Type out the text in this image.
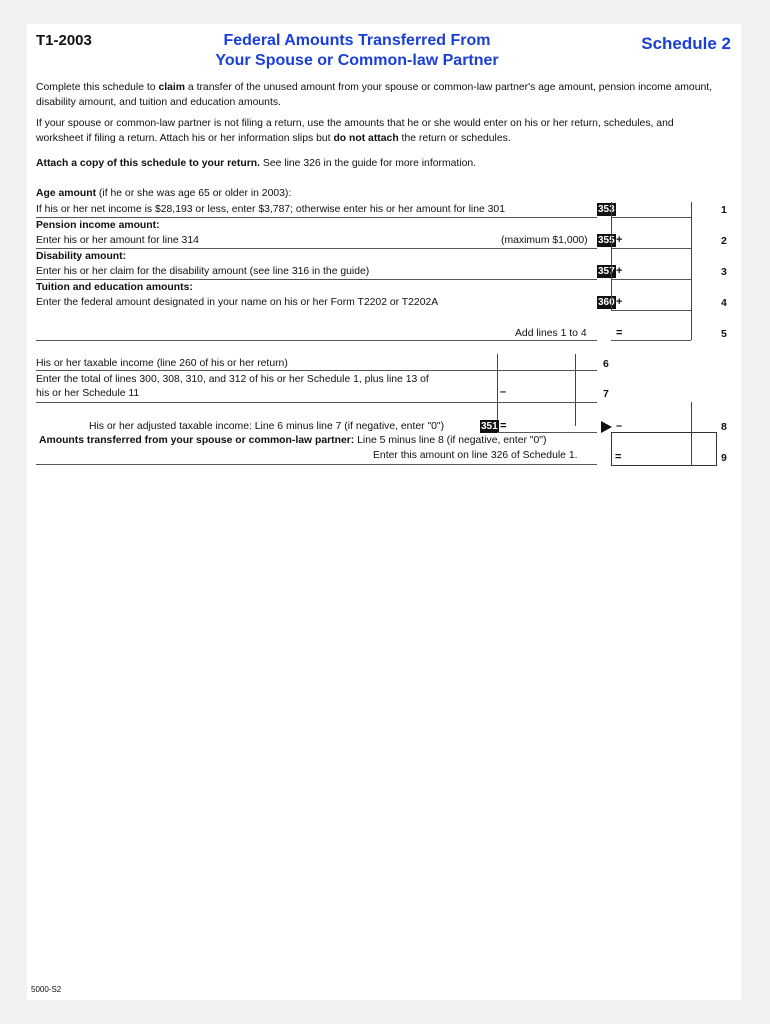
T1-2003	Federal Amounts Transferred From
Your Spouse or Common-law Partner
Schedule 2
Complete this schedule to claim a transfer of the unused amount from your spouse or common-law partner's age amount, pension income amount, disability amount, and tuition and education amounts.
If your spouse or common-law partner is not filing a return, use the amounts that he or she would enter on his or her return, schedules, and worksheet if filing a return. Attach his or her information slips but do not attach the return or schedules.
Attach a copy of this schedule to your return. See line 326 in the guide for more information.
Age amount (if he or she was age 65 or older in 2003):
If his or her net income is $28,193 or less, enter $3,787; otherwise enter his or her amount for line 301	353	1
Pension income amount:
Enter his or her amount for line 314	(maximum $1,000) 355 +	2
Disability amount:
Enter his or her claim for the disability amount (see line 316 in the guide)	357 +	3
Tuition and education amounts:
Enter the federal amount designated in your name on his or her Form T2202 or T2202A	360 +	4
Add lines 1 to 4	=	5
His or her taxable income (line 260 of his or her return)	6
Enter the total of lines 300, 308, 310, and 312 of his or her Schedule 1, plus line 13 of
his or her Schedule 11	–	7
His or her adjusted taxable income: Line 6 minus line 7 (if negative, enter "0")	351 =	–	8
Amounts transferred from your spouse or common-law partner: Line 5 minus line 8 (if negative, enter "0")
Enter this amount on line 326 of Schedule 1.	=	9
5000-S2
